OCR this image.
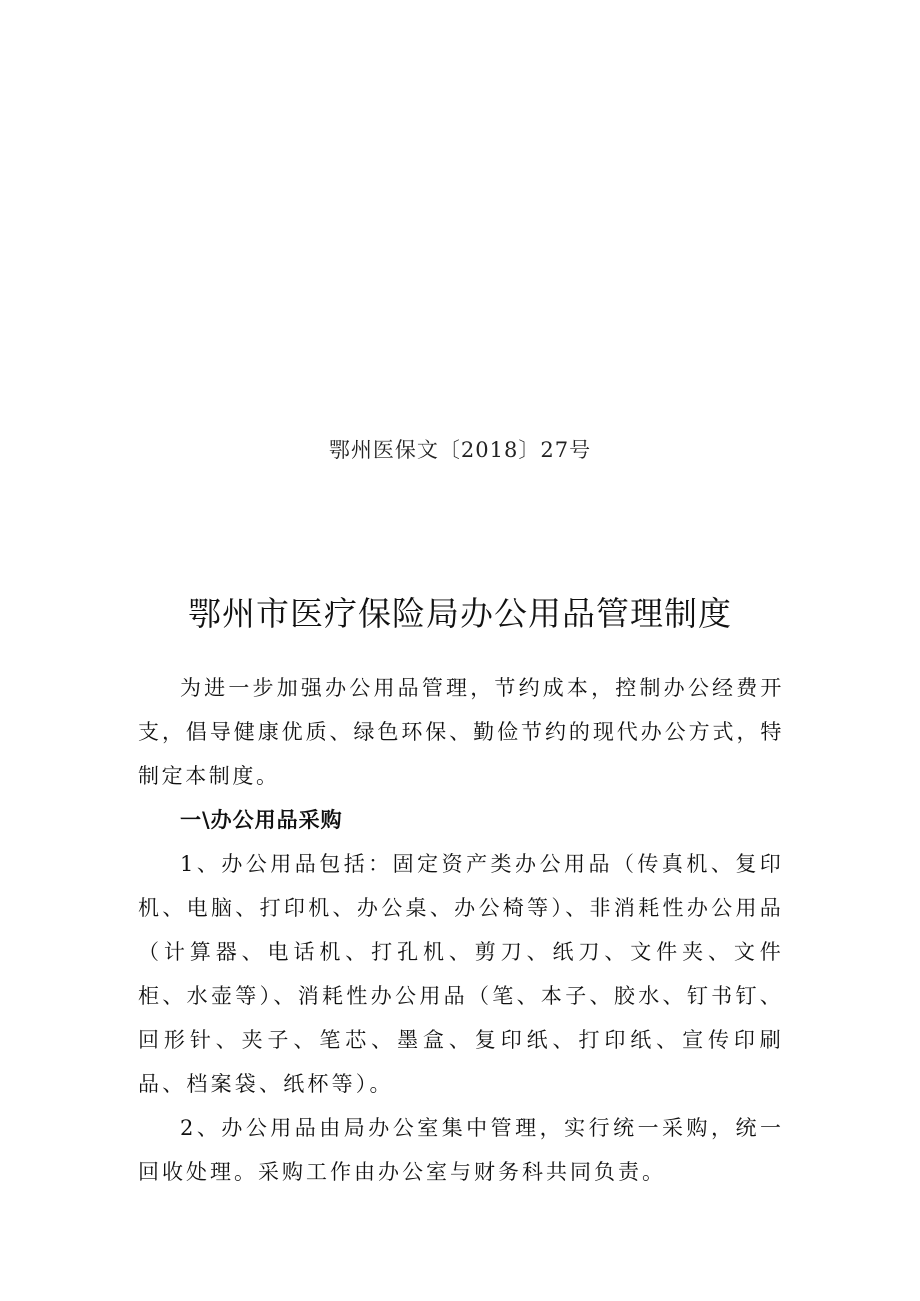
鄂州医保文〔2018〕27号
鄂州市医疗保险局办公用品管理制度

为进一步加强办公用品管理，节约成本，控制办公经费开支，倡导健康优质、绿色环保、勤俭节约的现代办公方式，特制定本制度。

一\办公用品采购

1、办公用品包括：固定资产类办公用品（传真机、复印机、电脑、打印机、办公桌、办公椅等）、非消耗性办公用品（计算器、电话机、打孔机、剪刀、纸刀、文件夹、文件柜、水壶等）、消耗性办公用品（笔、本子、胶水、钉书钉、回形针、夹子、笔芯、墨盒、复印纸、打印纸、宣传印刷品、档案袋、纸杯等）。

2、办公用品由局办公室集中管理，实行统一采购，统一回收处理。采购工作由办公室与财务科共同负责。
